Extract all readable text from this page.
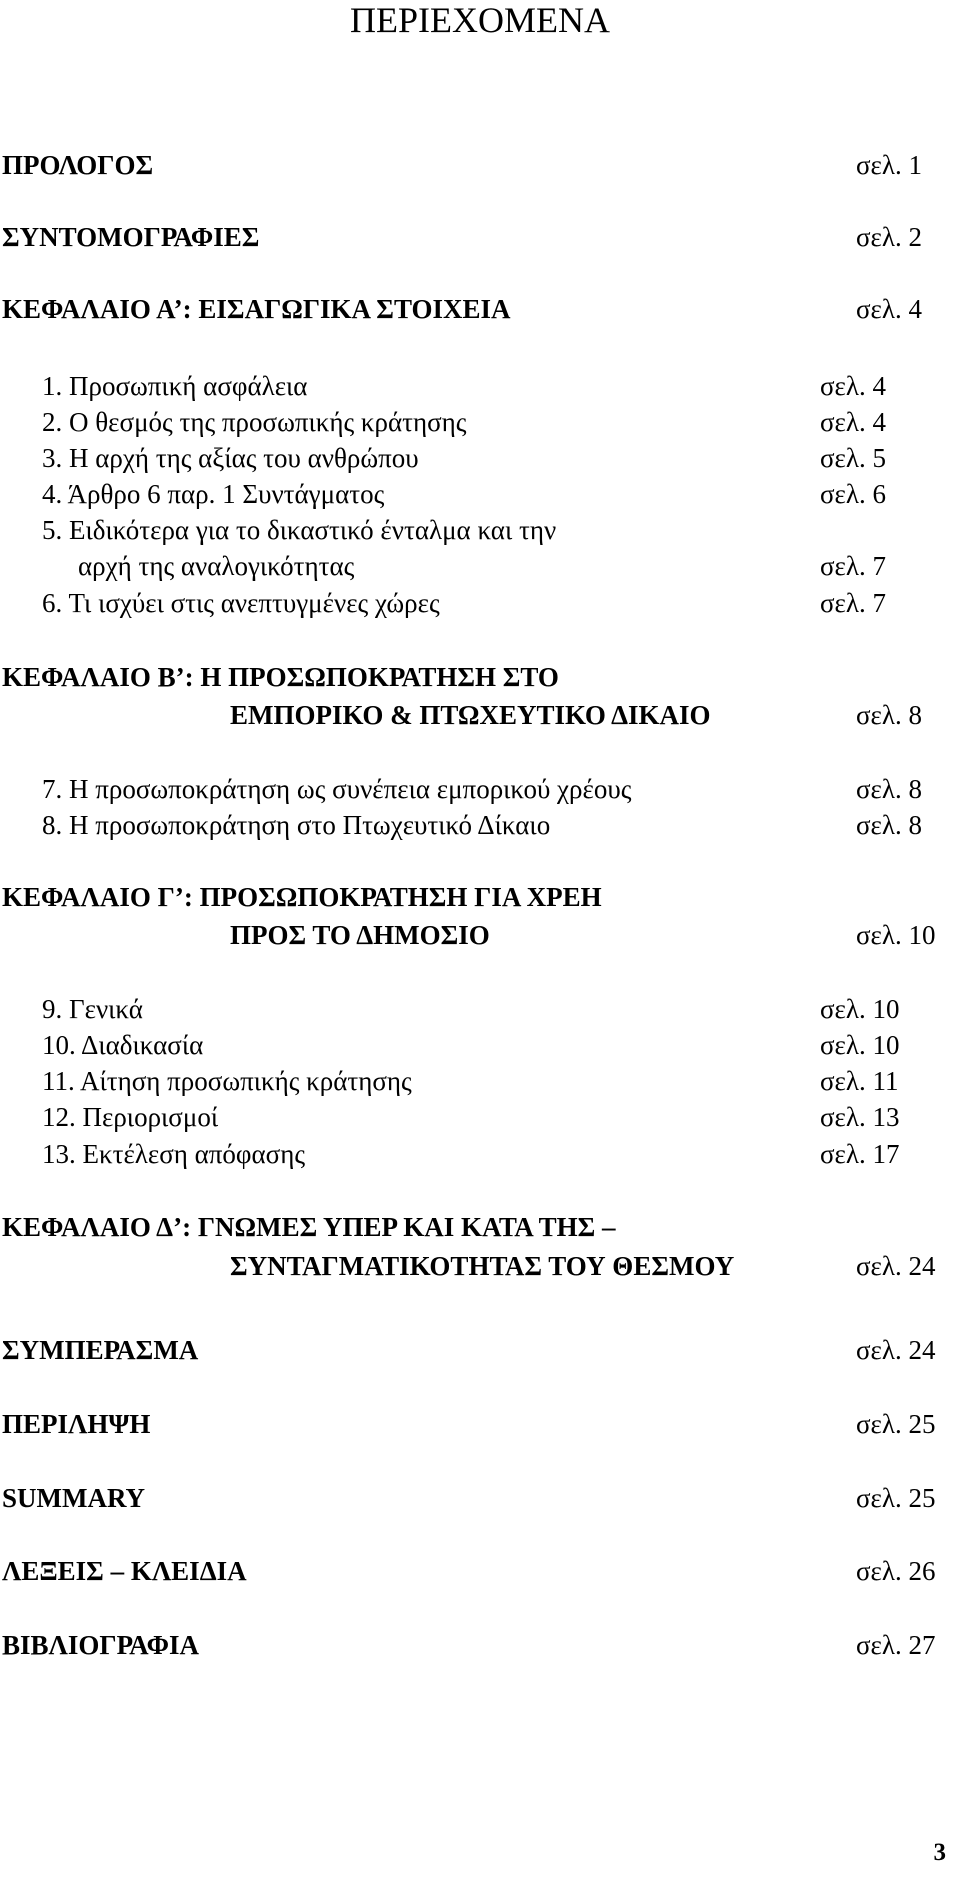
ΠΕΡΙΕΧΟΜΕΝΑ
ΠΡΟΛΟΓΟΣ	σελ. 1
ΣΥΝΤΟΜΟΓΡΑΦΙΕΣ	σελ. 2
ΚΕΦΑΛΑΙΟ Α’: ΕΙΣΑΓΩΓΙΚΑ ΣΤΟΙΧΕΙΑ	σελ. 4
1. Προσωπική ασφάλεια	σελ. 4
2. Ο θεσμός της προσωπικής κράτησης	σελ. 4
3. Η αρχή της αξίας του ανθρώπου	σελ. 5
4. Άρθρο 6 παρ. 1 Συντάγματος	σελ. 6
5. Ειδικότερα για το δικαστικό ένταλμα και την
αρχή της αναλογικότητας	σελ. 7
6. Τι ισχύει στις ανεπτυγμένες χώρες	σελ. 7
ΚΕΦΑΛΑΙΟ Β’: Η ΠΡΟΣΩΠΟΚΡΑΤΗΣΗ ΣΤΟ
ΕΜΠΟΡΙΚΟ & ΠΤΩΧΕΥΤΙΚΟ ΔΙΚΑΙΟ	σελ. 8
7. Η προσωποκράτηση ως συνέπεια εμπορικού χρέους	σελ. 8
8. Η προσωποκράτηση στο Πτωχευτικό Δίκαιο	σελ. 8
ΚΕΦΑΛΑΙΟ Γ’: ΠΡΟΣΩΠΟΚΡΑΤΗΣΗ ΓΙΑ ΧΡΕΗ
ΠΡΟΣ ΤΟ ΔΗΜΟΣΙΟ	σελ. 10
9. Γενικά	σελ. 10
10. Διαδικασία	σελ. 10
11. Αίτηση προσωπικής κράτησης	σελ. 11
12. Περιορισμοί	σελ. 13
13. Εκτέλεση απόφασης	σελ. 17
ΚΕΦΑΛΑΙΟ Δ’: ΓΝΩΜΕΣ ΥΠΕΡ ΚΑΙ ΚΑΤΑ ΤΗΣ –
ΣΥΝΤΑΓΜΑΤΙΚΟΤΗΤΑΣ ΤΟΥ ΘΕΣΜΟΥ	σελ. 24
ΣΥΜΠΕΡΑΣΜΑ	σελ. 24
ΠΕΡΙΛΗΨΗ	σελ. 25
SUMMARY	σελ. 25
ΛΕΞΕΙΣ – ΚΛΕΙΔΙΑ	σελ. 26
ΒΙΒΛΙΟΓΡΑΦΙΑ	σελ. 27
3
